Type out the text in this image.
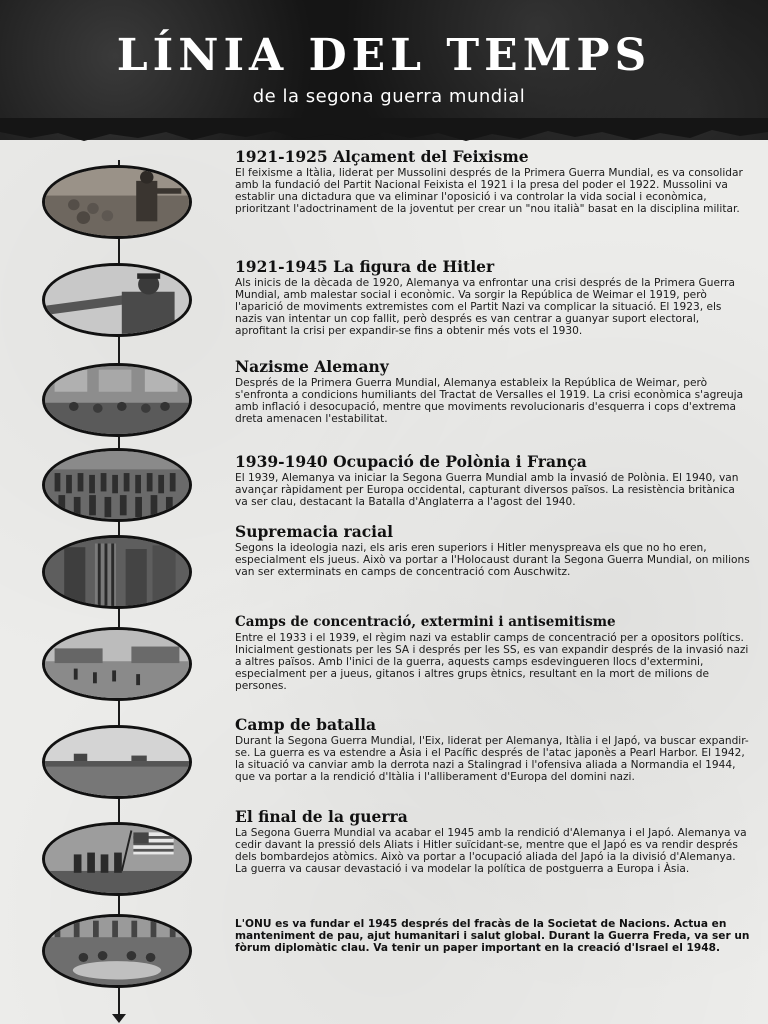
LÍNIA DEL TEMPS

de la segona guerra mundial

1921-1925 Alçament del Feixisme

El feixisme a Itàlia, liderat per Mussolini després de la Primera Guerra Mundial, es va consolidar amb la fundació del Partit Nacional Feixista el 1921 i la presa del poder el 1922. Mussolini va establir una dictadura que va eliminar l'oposició i va controlar la vida social i econòmica, prioritzant l'adoctrinament de la joventut per crear un "nou italià" basat en la disciplina militar.

1921-1945 La figura de Hitler

Als inicis de la dècada de 1920, Alemanya va enfrontar una crisi després de la Primera Guerra Mundial, amb malestar social i econòmic. Va sorgir la República de Weimar el 1919, però l'aparició de moviments extremistes com el Partit Nazi va complicar la situació. El 1923, els nazis van intentar un cop fallit, però després es van centrar a guanyar suport electoral, aprofitant la crisi per expandir-se fins a obtenir més vots el 1930.

Nazisme Alemany

Després de la Primera Guerra Mundial, Alemanya estableix la República de Weimar, però s'enfronta a condicions humiliants del Tractat de Versalles el 1919. La crisi econòmica s'agreuja amb inflació i desocupació, mentre que moviments revolucionaris d'esquerra i cops d'extrema dreta amenacen l'estabilitat.

1939-1940 Ocupació de Polònia i França

El 1939, Alemanya va iniciar la Segona Guerra Mundial amb la invasió de Polònia. El 1940, van avançar ràpidament per Europa occidental, capturant diversos països. La resistència britànica va ser clau, destacant la Batalla d'Anglaterra a l'agost del 1940.

Supremacia racial

Segons la ideologia nazi, els aris eren superiors i Hitler menyspreava els que no ho eren, especialment els jueus. Això va portar a l'Holocaust durant la Segona Guerra Mundial, on milions van ser exterminats en camps de concentració com Auschwitz.

Camps de concentració, extermini i antisemitisme

Entre el 1933 i el 1939, el règim nazi va establir camps de concentració per a opositors polítics. Inicialment gestionats per les SA i després per les SS, es van expandir després de la invasió nazi a altres països. Amb l'inici de la guerra, aquests camps esdevingueren llocs d'extermini, especialment per a jueus, gitanos i altres grups ètnics, resultant en la mort de milions de persones.

Camp de batalla

Durant la Segona Guerra Mundial, l'Eix, liderat per Alemanya, Itàlia i el Japó, va buscar expandir-se. La guerra es va estendre a Àsia i el Pacífic després de l'atac japonès a Pearl Harbor. El 1942, la situació va canviar amb la derrota nazi a Stalingrad i l'ofensiva aliada a Normandia el 1944, que va portar a la rendició d'Itàlia i l'alliberament d'Europa del domini nazi.

El final de la guerra

La Segona Guerra Mundial va acabar el 1945 amb la rendició d'Alemanya i el Japó. Alemanya va cedir davant la pressió dels Aliats i Hitler suïcidant-se, mentre que el Japó es va rendir després dels bombardejos atòmics. Això va portar a l'ocupació aliada del Japó ia la divisió d'Alemanya. La guerra va causar devastació i va modelar la política de postguerra a Europa i Àsia.

L'ONU es va fundar el 1945 després del fracàs de la Societat de Nacions. Actua en manteniment de pau, ajut humanitari i salut global. Durant la Guerra Freda, va ser un fòrum diplomàtic clau. Va tenir un paper important en la creació d'Israel el 1948.
